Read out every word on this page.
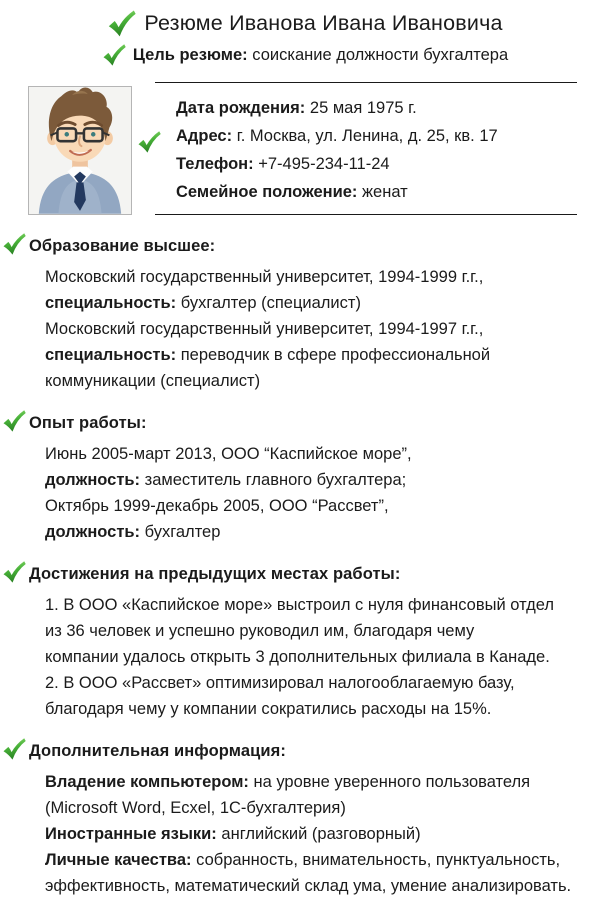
Резюме Иванова Ивана Ивановича

Цель резюме: соискание должности бухгалтера

Дата рождения: 25 мая 1975 г.
Адрес: г. Москва, ул. Ленина, д. 25, кв. 17
Телефон: +7-495-234-11-24
Семейное положение: женат
Образование высшее:

Московский государственный университет, 1994-1999 г.г.,

специальность: бухгалтер (специалист)

Московский государственный университет, 1994-1997 г.г.,

специальность: переводчик в сфере профессиональной

коммуникации (специалист)

Опыт работы:

Июнь 2005-март 2013, ООО “Каспийское море”,

должность: заместитель главного бухгалтера;

Октябрь 1999-декабрь 2005, ООО “Рассвет”,

должность: бухгалтер

Достижения на предыдущих местах работы:

1. В ООО «Каспийское море» выстроил с нуля финансовый отдел

из 36 человек и успешно руководил им, благодаря чему

компании удалось открыть 3 дополнительных филиала в Канаде.

2. В ООО «Рассвет» оптимизировал налогооблагаемую базу,

благодаря чему у компании сократились расходы на 15%.

Дополнительная информация:

Владение компьютером: на уровне уверенного пользователя

(Microsoft Word, Ecxel, 1С-бухгалтерия)

Иностранные языки: английский (разговорный)

Личные качества: собранность, внимательность, пунктуальность,

эффективность, математический склад ума, умение анализировать.
